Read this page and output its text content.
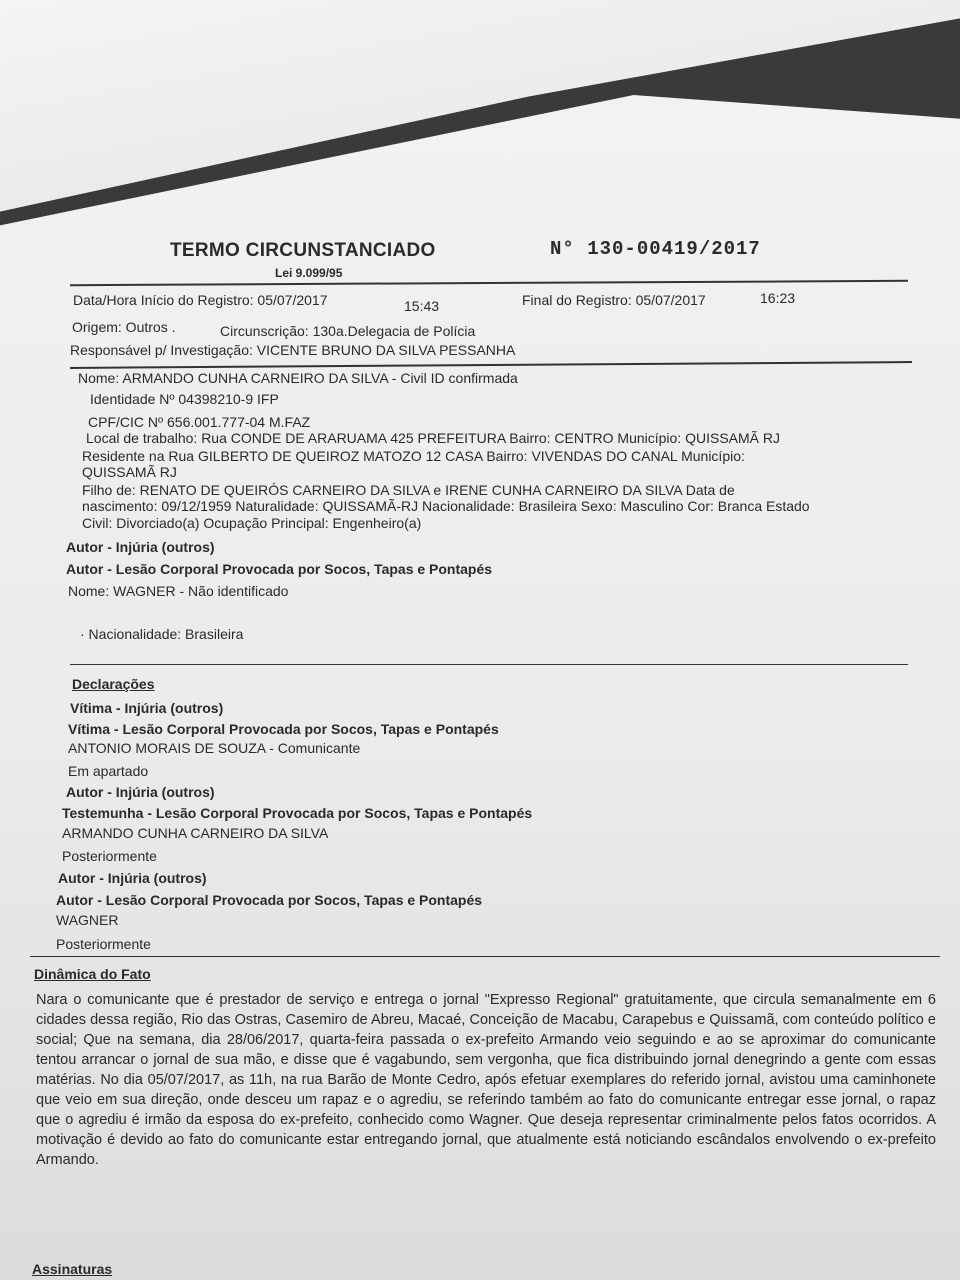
TERMO CIRCUNSTANCIADO
Lei 9.099/95
N° 130-00419/2017
Data/Hora Início do Registro: 05/07/2017	15:43	Final do Registro: 05/07/2017	16:23
Origem: Outros .	Circunscrição: 130a.Delegacia de Polícia
Responsável p/ Investigação: VICENTE BRUNO DA SILVA PESSANHA
Nome: ARMANDO CUNHA CARNEIRO DA SILVA - Civil ID confirmada
Identidade Nº 04398210-9 IFP
CPF/CIC Nº 656.001.777-04 M.FAZ
Local de trabalho: Rua CONDE DE ARARUAMA 425 PREFEITURA Bairro: CENTRO Município: QUISSAMÃ RJ
Residente na Rua GILBERTO DE QUEIROZ MATOZO 12 CASA Bairro: VIVENDAS DO CANAL Município:
QUISSAMÃ RJ
Filho de: RENATO DE QUEIRÓS CARNEIRO DA SILVA e IRENE CUNHA CARNEIRO DA SILVA Data de
nascimento: 09/12/1959 Naturalidade: QUISSAMÃ-RJ Nacionalidade: Brasileira Sexo: Masculino Cor: Branca Estado
Civil: Divorciado(a) Ocupação Principal: Engenheiro(a)
Autor - Injúria (outros)
Autor - Lesão Corporal Provocada por Socos, Tapas e Pontapés
Nome: WAGNER - Não identificado
· Nacionalidade: Brasileira
Declarações
Vítima - Injúria (outros)
Vítima - Lesão Corporal Provocada por Socos, Tapas e Pontapés
ANTONIO MORAIS DE SOUZA - Comunicante
Em apartado
Autor - Injúria (outros)
Testemunha - Lesão Corporal Provocada por Socos, Tapas e Pontapés
ARMANDO CUNHA CARNEIRO DA SILVA
Posteriormente
Autor - Injúria (outros)
Autor - Lesão Corporal Provocada por Socos, Tapas e Pontapés
WAGNER
Posteriormente
Dinâmica do Fato

Nara o comunicante que é prestador de serviço e entrega o jornal "Expresso Regional" gratuitamente, que circula semanalmente em 6 cidades dessa região, Rio das Ostras, Casemiro de Abreu, Macaé, Conceição de Macabu, Carapebus e Quissamã, com conteúdo político e social; Que na semana, dia 28/06/2017, quarta-feira passada o ex-prefeito Armando veio seguindo e ao se aproximar do comunicante tentou arrancar o jornal de sua mão, e disse que é vagabundo, sem vergonha, que fica distribuindo jornal denegrindo a gente com essas matérias. No dia 05/07/2017, as 11h, na rua Barão de Monte Cedro, após efetuar exemplares do referido jornal, avistou uma caminhonete que veio em sua direção, onde desceu um rapaz e o agrediu, se referindo também ao fato do comunicante entregar esse jornal, o rapaz que o agrediu é irmão da esposa do ex-prefeito, conhecido como Wagner. Que deseja representar criminalmente pelos fatos ocorridos. A motivação é devido ao fato do comunicante estar entregando jornal, que atualmente está noticiando escândalos envolvendo o ex-prefeito Armando.

Assinaturas
